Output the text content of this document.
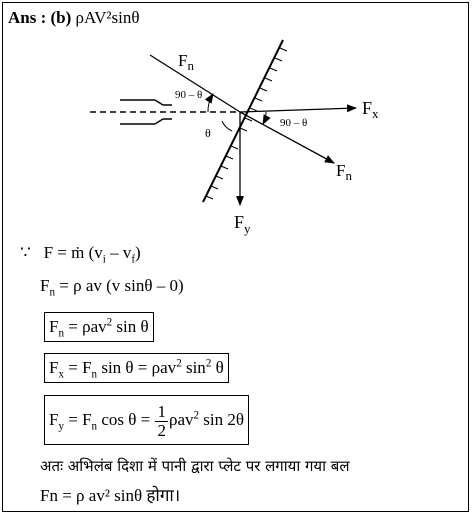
Ans : (b) ρAV²sinθ
$F_n$
90 – θ
θ
90 – θ
$F_x$
$F_n$
$F_y$
∵ F = ṁ $(v_i - v_f)$
$F_n = \rho$ av (v sinθ – 0)
$F_n = \rho av^2$ sin θ
$F_x = F_n$ sin θ = ρav$^2$ $\sin^2 \theta$
$F_y = F_n$ $\cos \theta = \frac{1}{2} \rho av^2$ sin 2θ
अतः अभिलंब दिशा में पानी द्वारा प्लेट पर लगाया गया बल
Fn = ρ av² sinθ होगा।
